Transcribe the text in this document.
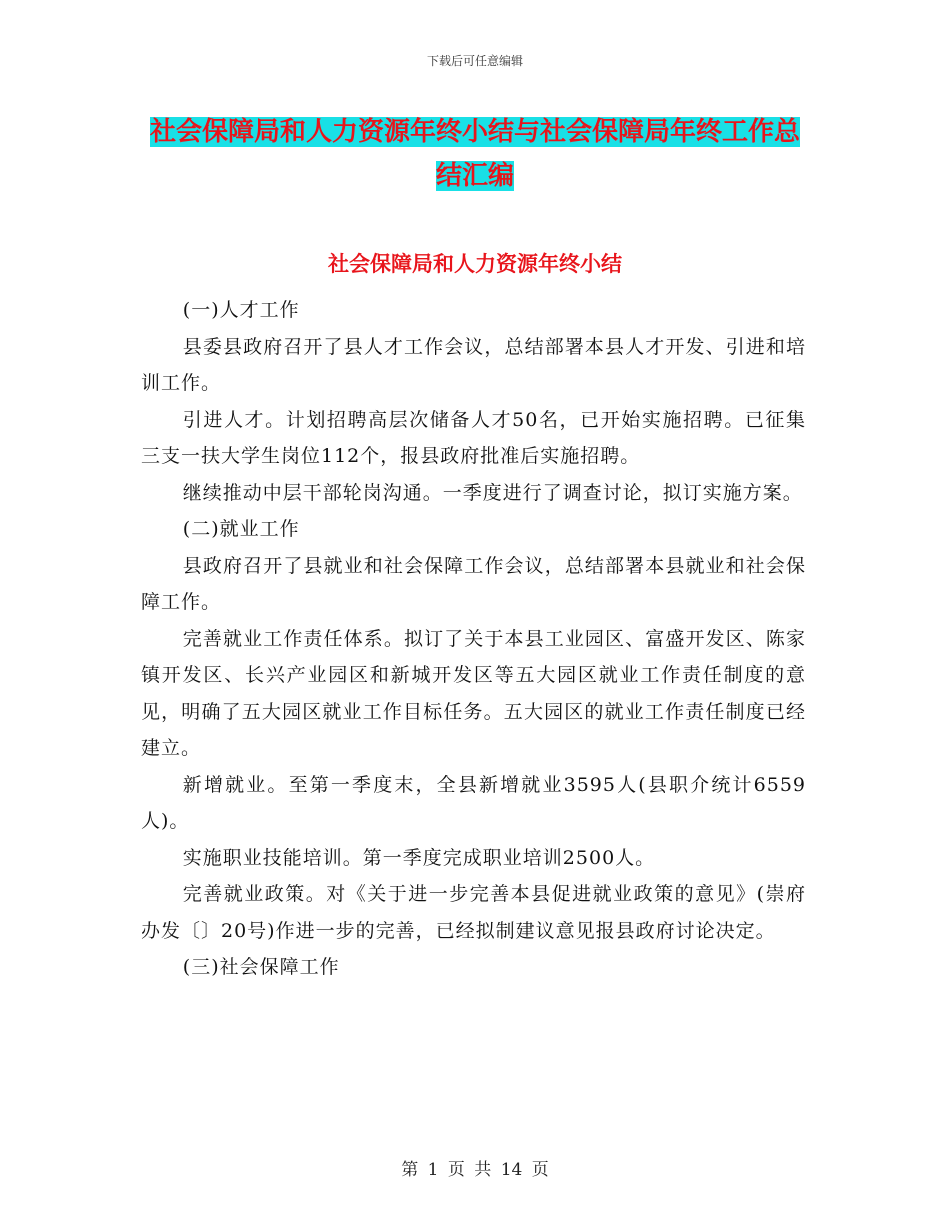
下载后可任意编辑
社会保障局和人力资源年终小结与社会保障局年终工作总结汇编
社会保障局和人力资源年终小结

(一)人才工作

县委县政府召开了县人才工作会议，总结部署本县人才开发、引进和培训工作。

引进人才。计划招聘高层次储备人才50名，已开始实施招聘。已征集三支一扶大学生岗位112个，报县政府批准后实施招聘。

继续推动中层干部轮岗沟通。一季度进行了调查讨论，拟订实施方案。

(二)就业工作

县政府召开了县就业和社会保障工作会议，总结部署本县就业和社会保障工作。

完善就业工作责任体系。拟订了关于本县工业园区、富盛开发区、陈家镇开发区、长兴产业园区和新城开发区等五大园区就业工作责任制度的意见，明确了五大园区就业工作目标任务。五大园区的就业工作责任制度已经建立。

新增就业。至第一季度末，全县新增就业3595人(县职介统计6559人)。

实施职业技能培训。第一季度完成职业培训2500人。

完善就业政策。对《关于进一步完善本县促进就业政策的意见》(崇府办发〔〕20号)作进一步的完善，已经拟制建议意见报县政府讨论决定。

(三)社会保障工作

第 1 页 共 14 页
